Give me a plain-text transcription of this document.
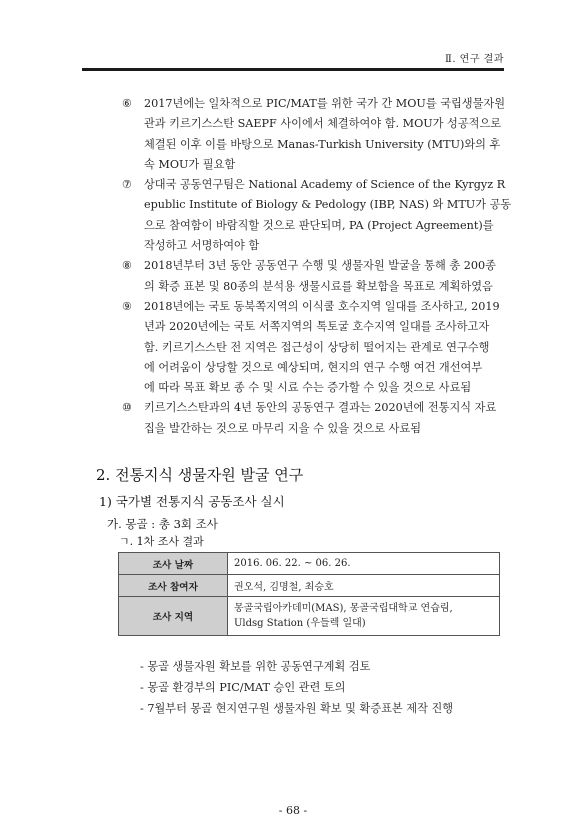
Ⅱ. 연구 결과
⑥ 2017년에는 일차적으로 PIC/MAT를 위한 국가 간 MOU를 국립생물자원

관과 키르기스스탄 SAEPF 사이에서 체결하여야 함. MOU가 성공적으로

체결된 이후 이를 바탕으로 Manas-Turkish University (MTU)와의 후

속 MOU가 필요함

⑦ 상대국 공동연구팀은 National Academy of Science of the Kyrgyz R

epublic Institute of Biology & Pedology (IBP, NAS) 와 MTU가 공동

으로 참여함이 바람직할 것으로 판단되며, PA (Project Agreement)를

작성하고 서명하여야 함

⑧ 2018년부터 3년 동안 공동연구 수행 및 생물자원 발굴을 통해 총 200종

의 확증 표본 및 80종의 분석용 생물시료를 확보함을 목표로 계획하였음

⑨ 2018년에는 국토 동북쪽지역의 이식쿨 호수지역 일대를 조사하고, 2019

년과 2020년에는 국토 서쪽지역의 톡토굴 호수지역 일대를 조사하고자

함. 키르기스스탄 전 지역은 접근성이 상당히 떨어지는 관계로 연구수행

에 어려움이 상당할 것으로 예상되며, 현지의 연구 수행 여건 개선여부

에 따라 목표 확보 종 수 및 시료 수는 증가할 수 있을 것으로 사료됨

⑩ 키르기스스탄과의 4년 동안의 공동연구 결과는 2020년에 전통지식 자료

집을 발간하는 것으로 마무리 지을 수 있을 것으로 사료됨

2. 전통지식 생물자원 발굴 연구
1) 국가별 전통지식 공동조사 실시
가. 몽골 : 총 3회 조사
ㄱ. 1차 조사 결과
조사 날짜	2016. 06. 22. ~ 06. 26.
조사 참여자	권오석, 김명철, 최승호
조사 지역	몽골국립아카데미(MAS), 몽골국립대학교 연습림,
Uldsg Station (우들렉 일대)
- 몽골 생물자원 확보를 위한 공동연구계획 검토
- 몽골 환경부의 PIC/MAT 승인 관련 토의
- 7월부터 몽골 현지연구원 생물자원 확보 및 확증표본 제작 진행
- 68 -
